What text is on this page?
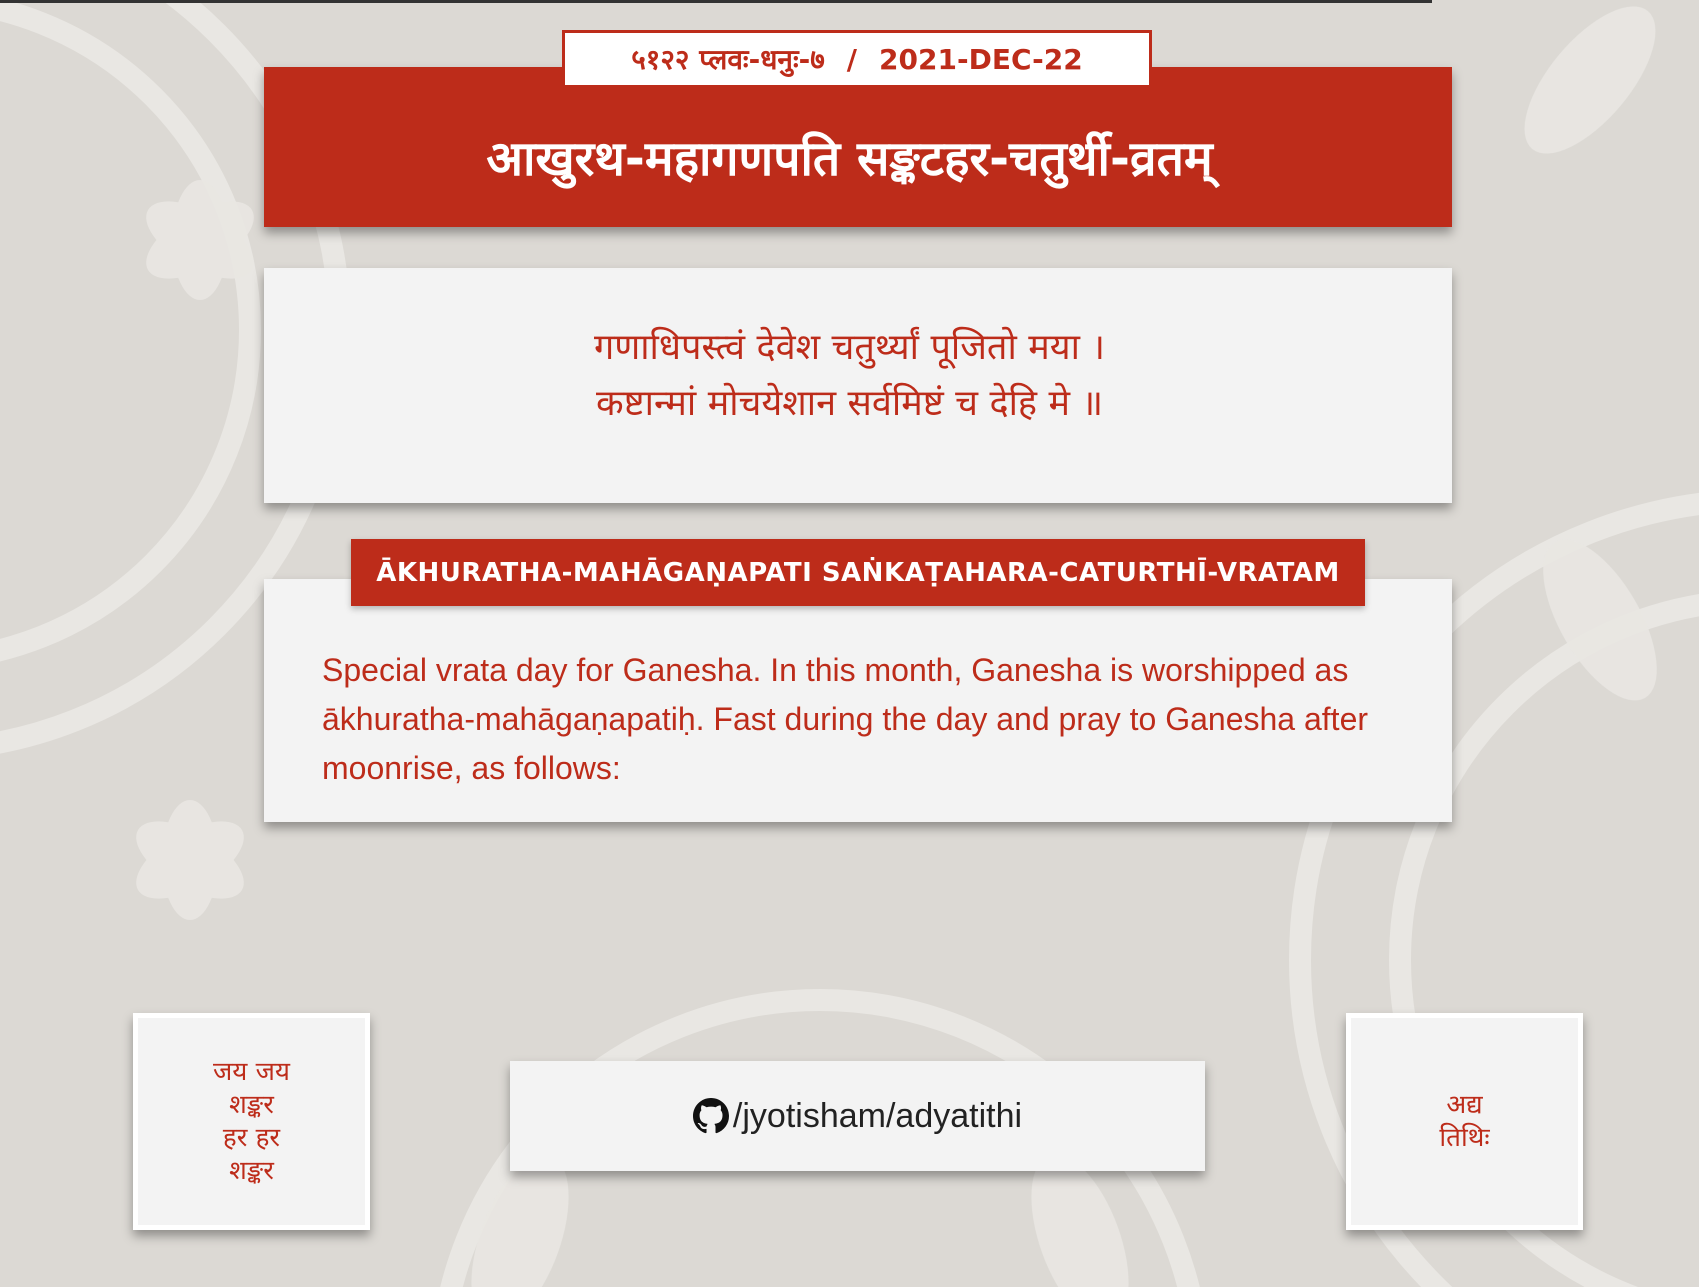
आखुरथ-महागणपति सङ्कटहर-चतुर्थी-व्रतम्
५१२२ प्लवः-धनुः-७ / 2021-DEC-22
गणाधिपस्त्वं देवेश चतुर्थ्यां पूजितो मया ।
कष्टान्मां मोचयेशान सर्वमिष्टं च देहि मे ॥
ĀKHURATHA-MAHĀGAṆAPATI SAṄKAṬAHARA-CATURTHĪ-VRATAM
Special vrata day for Ganesha. In this month, Ganesha is worshipped as ākhuratha-mahāgaṇapatiḥ. Fast during the day and pray to Ganesha after moonrise, as follows:
जय जय
शङ्कर
हर हर
शङ्कर
/jyotisham/adyatithi	अद्य
तिथिः
